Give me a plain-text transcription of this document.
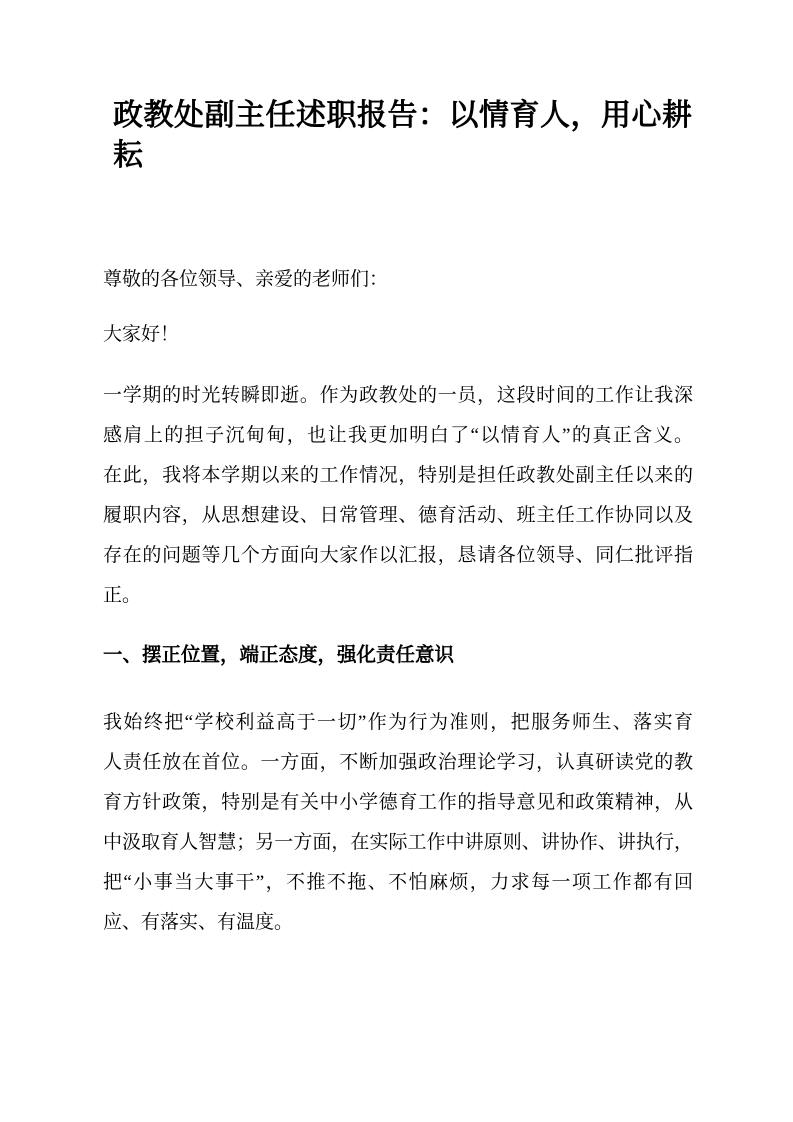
政教处副主任述职报告：以情育人，用心耕耘

尊敬的各位领导、亲爱的老师们：

大家好！

一学期的时光转瞬即逝。作为政教处的一员，这段时间的工作让我深
感肩上的担子沉甸甸，也让我更加明白了“以情育人”的真正含义。
在此，我将本学期以来的工作情况，特别是担任政教处副主任以来的
履职内容，从思想建设、日常管理、德育活动、班主任工作协同以及
存在的问题等几个方面向大家作以汇报，恳请各位领导、同仁批评指
正。
一、摆正位置，端正态度，强化责任意识
我始终把“学校利益高于一切”作为行为准则，把服务师生、落实育
人责任放在首位。一方面，不断加强政治理论学习，认真研读党的教
育方针政策，特别是有关中小学德育工作的指导意见和政策精神，从
中汲取育人智慧；另一方面，在实际工作中讲原则、讲协作、讲执行，
把“小事当大事干”，不推不拖、不怕麻烦，力求每一项工作都有回
应、有落实、有温度。
